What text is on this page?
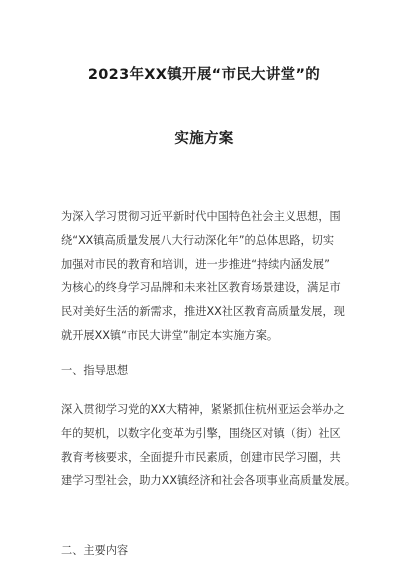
2023年XX镇开展“市民大讲堂”的
实施方案
为深入学习贯彻习近平新时代中国特色社会主义思想，围
绕“XX镇高质量发展八大行动深化年”的总体思路，切实
加强对市民的教育和培训，进一步推进“持续内涵发展”
为核心的终身学习品牌和未来社区教育场景建设，满足市
民对美好生活的新需求，推进XX社区教育高质量发展，现
就开展XX镇“市民大讲堂”制定本实施方案。
一、指导思想
深入贯彻学习党的XX大精神，紧紧抓住杭州亚运会举办之
年的契机，以数字化变革为引擎，围绕区对镇（街）社区
教育考核要求，全面提升市民素质，创建市民学习圈，共
建学习型社会，助力XX镇经济和社会各项事业高质量发展。
二、主要内容
